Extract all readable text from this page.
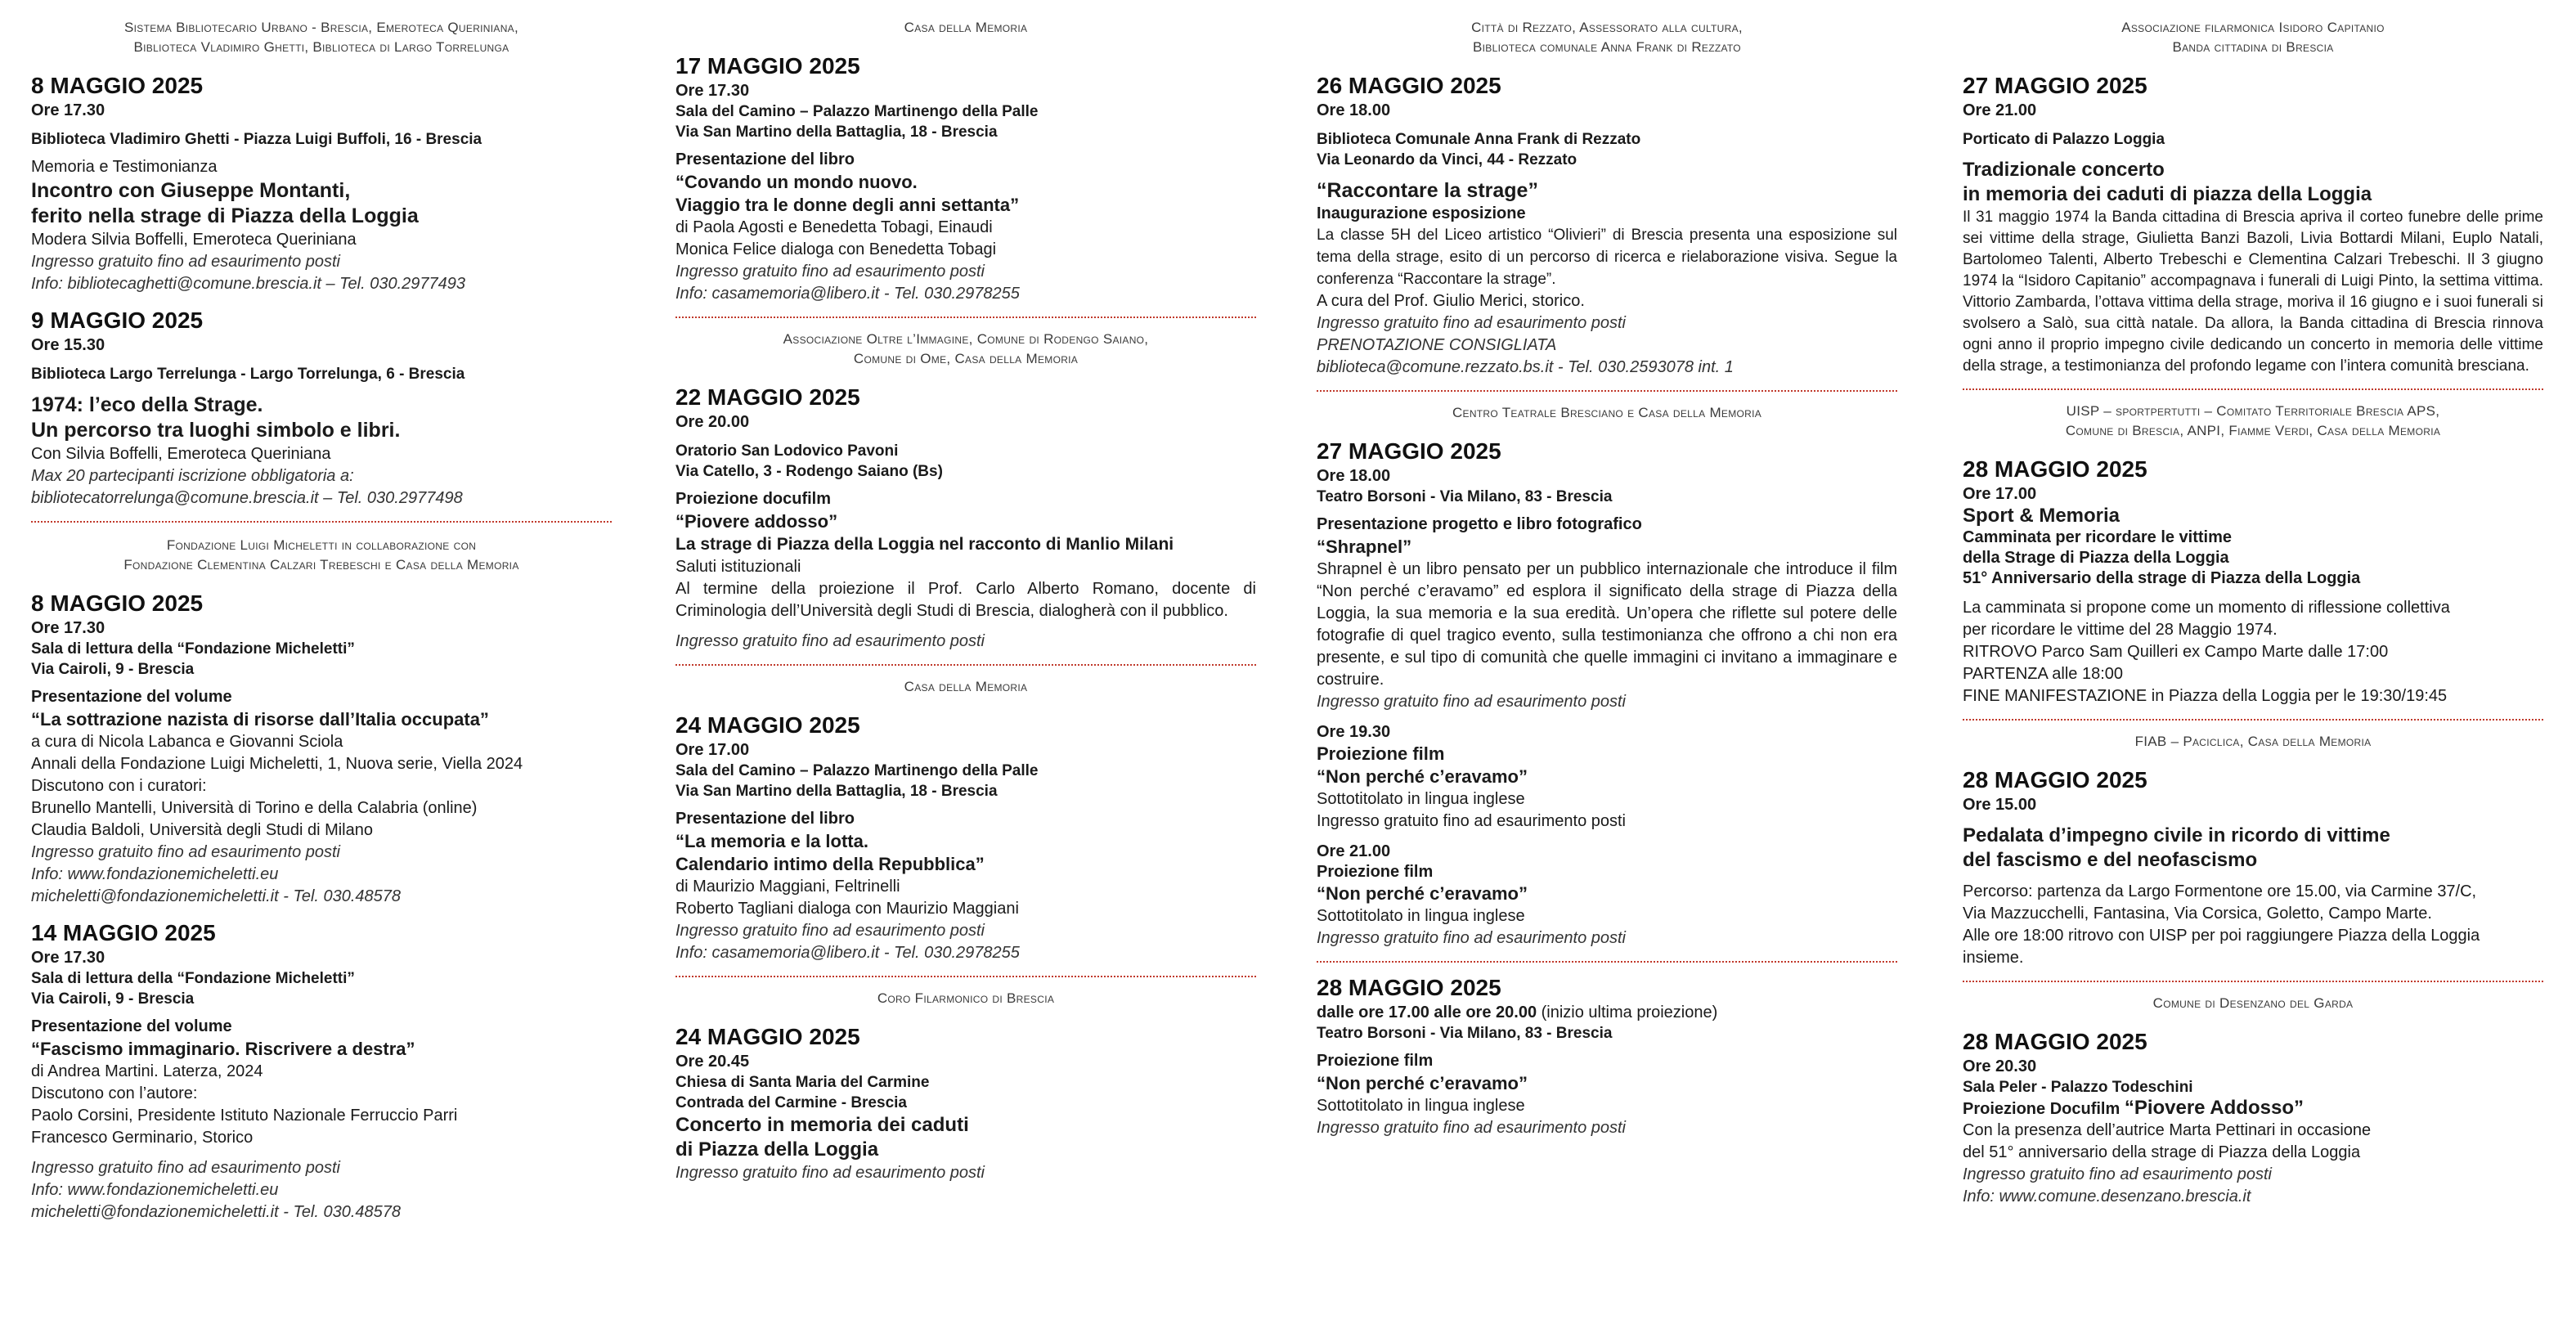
Sistema Bibliotecario Urbano - Brescia, Emeroteca Queriniana,
Biblioteca Vladimiro Ghetti, Biblioteca di Largo Torrelunga
8 MAGGIO 2025
Ore 17.30
Biblioteca Vladimiro Ghetti - Piazza Luigi Buffoli, 16 - Brescia
Memoria e Testimonianza
Incontro con Giuseppe Montanti,
ferito nella strage di Piazza della Loggia
Modera Silvia Boffelli, Emeroteca Queriniana
Ingresso gratuito fino ad esaurimento posti
Info: bibliotecaghetti@comune.brescia.it – Tel. 030.2977493
9 MAGGIO 2025
Ore 15.30
Biblioteca Largo Terrelunga - Largo Torrelunga, 6 - Brescia
1974: l’eco della Strage.
Un percorso tra luoghi simbolo e libri.
Con Silvia Boffelli, Emeroteca Queriniana
Max 20 partecipanti iscrizione obbligatoria a:
bibliotecatorrelunga@comune.brescia.it – Tel. 030.2977498
Fondazione Luigi Micheletti in collaborazione con
Fondazione Clementina Calzari Trebeschi e Casa della Memoria
8 MAGGIO 2025
Ore 17.30
Sala di lettura della “Fondazione Micheletti”
Via Cairoli, 9 - Brescia
Presentazione del volume
“La sottrazione nazista di risorse dall’Italia occupata”
a cura di Nicola Labanca e Giovanni Sciola
Annali della Fondazione Luigi Micheletti, 1, Nuova serie, Viella 2024
Discutono con i curatori:
Brunello Mantelli, Università di Torino e della Calabria (online)
Claudia Baldoli, Università degli Studi di Milano
Ingresso gratuito fino ad esaurimento posti
Info: www.fondazionemicheletti.eu
micheletti@fondazionemicheletti.it - Tel. 030.48578
14 MAGGIO 2025
Ore 17.30
Sala di lettura della “Fondazione Micheletti”
Via Cairoli, 9 - Brescia
Presentazione del volume
“Fascismo immaginario. Riscrivere a destra”
di Andrea Martini. Laterza, 2024
Discutono con l’autore:
Paolo Corsini, Presidente Istituto Nazionale Ferruccio Parri
Francesco Germinario, Storico
Ingresso gratuito fino ad esaurimento posti
Info: www.fondazionemicheletti.eu
micheletti@fondazionemicheletti.it - Tel. 030.48578
Casa della Memoria
17 MAGGIO 2025
Ore 17.30
Sala del Camino – Palazzo Martinengo della Palle
Via San Martino della Battaglia, 18 - Brescia
Presentazione del libro
“Covando un mondo nuovo.
Viaggio tra le donne degli anni settanta”
di Paola Agosti e Benedetta Tobagi, Einaudi
Monica Felice dialoga con Benedetta Tobagi
Ingresso gratuito fino ad esaurimento posti
Info: casamemoria@libero.it - Tel. 030.2978255
Associazione Oltre l’Immagine, Comune di Rodengo Saiano,
Comune di Ome, Casa della Memoria
22 MAGGIO 2025
Ore 20.00
Oratorio San Lodovico Pavoni
Via Catello, 3 - Rodengo Saiano (Bs)
Proiezione docufilm
“Piovere addosso”
La strage di Piazza della Loggia nel racconto di Manlio Milani
Saluti istituzionali
Al termine della proiezione il Prof. Carlo Alberto Romano, docente di Criminologia dell’Università degli Studi di Brescia, dialogherà con il pubblico.
Ingresso gratuito fino ad esaurimento posti
Casa della Memoria
24 MAGGIO 2025
Ore 17.00
Sala del Camino – Palazzo Martinengo della Palle
Via San Martino della Battaglia, 18 - Brescia
Presentazione del libro
“La memoria e la lotta.
Calendario intimo della Repubblica”
di Maurizio Maggiani, Feltrinelli
Roberto Tagliani dialoga con Maurizio Maggiani
Ingresso gratuito fino ad esaurimento posti
Info: casamemoria@libero.it - Tel. 030.2978255
Coro Filarmonico di Brescia
24 MAGGIO 2025
Ore 20.45
Chiesa di Santa Maria del Carmine
Contrada del Carmine - Brescia
Concerto in memoria dei caduti
di Piazza della Loggia
Ingresso gratuito fino ad esaurimento posti
Città di Rezzato, Assessorato alla cultura,
Biblioteca comunale Anna Frank di Rezzato
26 MAGGIO 2025
Ore 18.00
Biblioteca Comunale Anna Frank di Rezzato
Via Leonardo da Vinci, 44 - Rezzato
“Raccontare la strage”
Inaugurazione esposizione
La classe 5H del Liceo artistico “Olivieri” di Brescia presenta una esposizione sul tema della strage, esito di un percorso di ricerca e rielaborazione visiva. Segue la conferenza “Raccontare la strage”.
A cura del Prof. Giulio Merici, storico.
Ingresso gratuito fino ad esaurimento posti
PRENOTAZIONE CONSIGLIATA
biblioteca@comune.rezzato.bs.it - Tel. 030.2593078 int. 1
Centro Teatrale Bresciano e Casa della Memoria
27 MAGGIO 2025
Ore 18.00
Teatro Borsoni - Via Milano, 83 - Brescia
Presentazione progetto e libro fotografico
“Shrapnel”
Shrapnel è un libro pensato per un pubblico internazionale che introduce il film “Non perché c’eravamo” ed esplora il significato della strage di Piazza della Loggia, la sua memoria e la sua eredità. Un’opera che riflette sul potere delle fotografie di quel tragico evento, sulla testimonianza che offrono a chi non era presente, e sul tipo di comunità che quelle immagini ci invitano a immaginare e costruire.
Ingresso gratuito fino ad esaurimento posti
Ore 19.30
Proiezione film
“Non perché c’eravamo”
Sottotitolato in lingua inglese
Ingresso gratuito fino ad esaurimento posti
Ore 21.00
Proiezione film
“Non perché c’eravamo”
Sottotitolato in lingua inglese
Ingresso gratuito fino ad esaurimento posti
28 MAGGIO 2025
dalle ore 17.00 alle ore 20.00 (inizio ultima proiezione)
Teatro Borsoni - Via Milano, 83 - Brescia
Proiezione film
“Non perché c’eravamo”
Sottotitolato in lingua inglese
Ingresso gratuito fino ad esaurimento posti
Associazione filarmonica Isidoro Capitanio
Banda cittadina di Brescia
27 MAGGIO 2025
Ore 21.00
Porticato di Palazzo Loggia
Tradizionale concerto
in memoria dei caduti di piazza della Loggia
Il 31 maggio 1974 la Banda cittadina di Brescia apriva il corteo funebre delle prime sei vittime della strage, Giulietta Banzi Bazoli, Livia Bottardi Milani, Euplo Natali, Bartolomeo Talenti, Alberto Trebeschi e Clementina Calzari Trebeschi. Il 3 giugno 1974 la “Isidoro Capitanio” accompagnava i funerali di Luigi Pinto, la settima vittima. Vittorio Zambarda, l’ottava vittima della strage, moriva il 16 giugno e i suoi funerali si svolsero a Salò, sua città natale. Da allora, la Banda cittadina di Brescia rinnova ogni anno il proprio impegno civile dedicando un concerto in memoria delle vittime della strage, a testimonianza del profondo legame con l’intera comunità bresciana.
UISP – sportpertutti – Comitato Territoriale Brescia APS,
Comune di Brescia, ANPI, Fiamme Verdi, Casa della Memoria
28 MAGGIO 2025
Ore 17.00
Sport & Memoria
Camminata per ricordare le vittime
della Strage di Piazza della Loggia
51° Anniversario della strage di Piazza della Loggia
La camminata si propone come un momento di riflessione collettiva
per ricordare le vittime del 28 Maggio 1974.
RITROVO Parco Sam Quilleri ex Campo Marte dalle 17:00
PARTENZA alle 18:00
FINE MANIFESTAZIONE in Piazza della Loggia per le 19:30/19:45
FIAB – Paciclica, Casa della Memoria
28 MAGGIO 2025
Ore 15.00
Pedalata d’impegno civile in ricordo di vittime
del fascismo e del neofascismo
Percorso: partenza da Largo Formentone ore 15.00, via Carmine 37/C,
Via Mazzucchelli, Fantasina, Via Corsica, Goletto, Campo Marte.
Alle ore 18:00 ritrovo con UISP per poi raggiungere Piazza della Loggia
insieme.
Comune di Desenzano del Garda
28 MAGGIO 2025
Ore 20.30
Sala Peler - Palazzo Todeschini
Proiezione Docufilm “Piovere Addosso”
Con la presenza dell’autrice Marta Pettinari in occasione
del 51° anniversario della strage di Piazza della Loggia
Ingresso gratuito fino ad esaurimento posti
Info: www.comune.desenzano.brescia.it
